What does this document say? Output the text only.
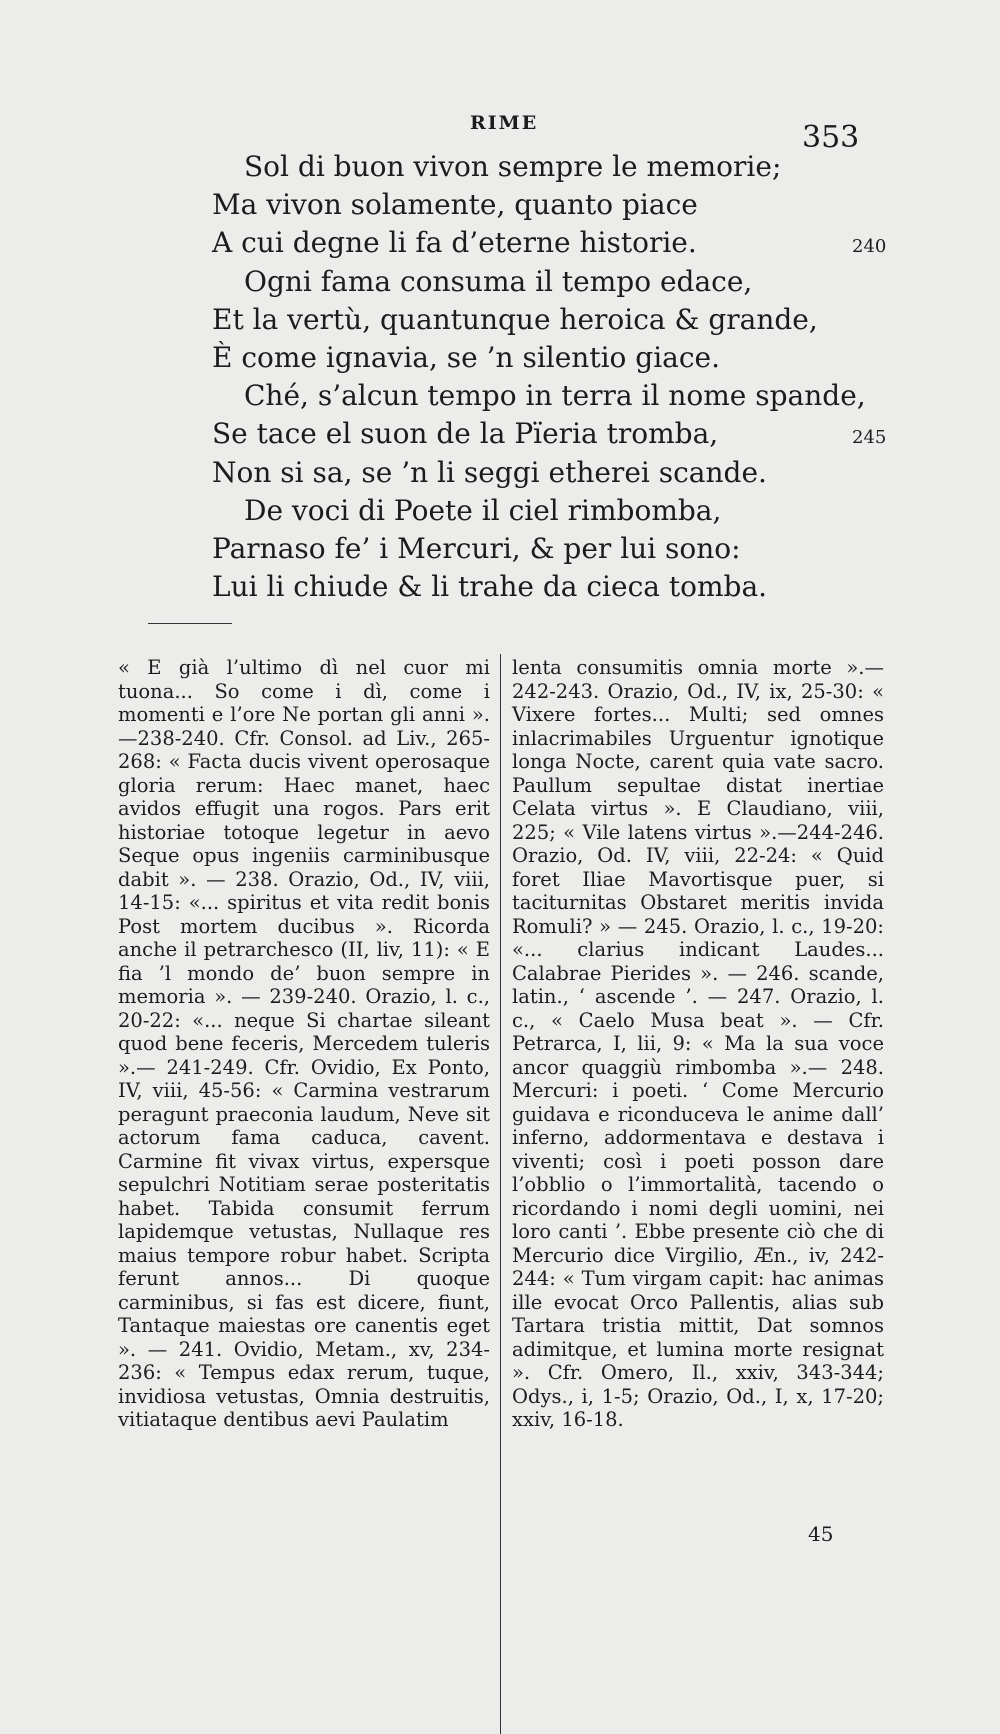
RIME	353
Sol di buon vivon sempre le memorie;
Ma vivon solamente, quanto piace
A cui degne li fa d’eterne historie.	240
Ogni fama consuma il tempo edace,
Et la vertù, quantunque heroica & grande,
È come ignavia, se ’n silentio giace.
Ché, s’alcun tempo in terra il nome spande,
Se tace el suon de la Pïeria tromba,	245
Non si sa, se ’n li seggi etherei scande.
De voci di Poete il ciel rimbomba,
Parnaso fe’ i Mercuri, & per lui sono:
Lui li chiude & li trahe da cieca tomba.

« E già l’ultimo dì nel cuor mi tuona... So come i dì, come i momenti e l’ore Ne portan gli anni ».—238-240. Cfr. Consol. ad Liv., 265-268: « Facta ducis vivent operosaque gloria rerum: Haec manet, haec avidos effugit una rogos. Pars erit historiae totoque legetur in aevo Seque opus ingeniis carminibusque dabit ». — 238. Orazio, Od., IV, viii, 14-15: «... spiritus et vita redit bonis Post mortem ducibus ». Ricorda anche il petrarchesco (II, liv, 11): « E fia ’l mondo de’ buon sempre in memoria ». — 239-240. Orazio, l. c., 20-22: «... neque Si chartae sileant quod bene feceris, Mercedem tuleris ».— 241-249. Cfr. Ovidio, Ex Ponto, IV, viii, 45-56: « Carmina vestrarum peragunt praeconia laudum, Neve sit actorum fama caduca, cavent. Carmine fit vivax virtus, expersque sepulchri Notitiam serae posteritatis habet. Tabida consumit ferrum lapidemque vetustas, Nullaque res maius tempore robur habet. Scripta ferunt annos... Di quoque carminibus, si fas est dicere, fiunt, Tantaque maiestas ore canentis eget ». — 241. Ovidio, Metam., xv, 234-236: « Tempus edax rerum, tuque, invidiosa vetustas, Omnia destruitis, vitiataque dentibus aevi Paulatim

lenta consumitis omnia morte ».— 242-243. Orazio, Od., IV, ix, 25-30: « Vixere fortes... Multi; sed omnes inlacrimabiles Urguentur ignotique longa Nocte, carent quia vate sacro. Paullum sepultae distat inertiae Celata virtus ». E Claudiano, viii, 225; « Vile latens virtus ».—244-246. Orazio, Od. IV, viii, 22-24: « Quid foret Iliae Mavortisque puer, si taciturnitas Obstaret meritis invida Romuli? » — 245. Orazio, l. c., 19-20: «... clarius indicant Laudes... Calabrae Pierides ». — 246. scande, latin., ‘ ascende ’. — 247. Orazio, l. c., « Caelo Musa beat ». — Cfr. Petrarca, I, lii, 9: « Ma la sua voce ancor quaggiù rimbomba ».— 248. Mercuri: i poeti. ‘ Come Mercurio guidava e riconduceva le anime dall’ inferno, addormentava e destava i viventi; così i poeti posson dare l’obblio o l’immortalità, tacendo o ricordando i nomi degli uomini, nei loro canti ’. Ebbe presente ciò che di Mercurio dice Virgilio, Æn., iv, 242-244: « Tum virgam capit: hac animas ille evocat Orco Pallentis, alias sub Tartara tristia mittit, Dat somnos adimitque, et lumina morte resignat ». Cfr. Omero, Il., xxiv, 343-344; Odys., i, 1-5; Orazio, Od., I, x, 17-20; xxiv, 16-18.

45
